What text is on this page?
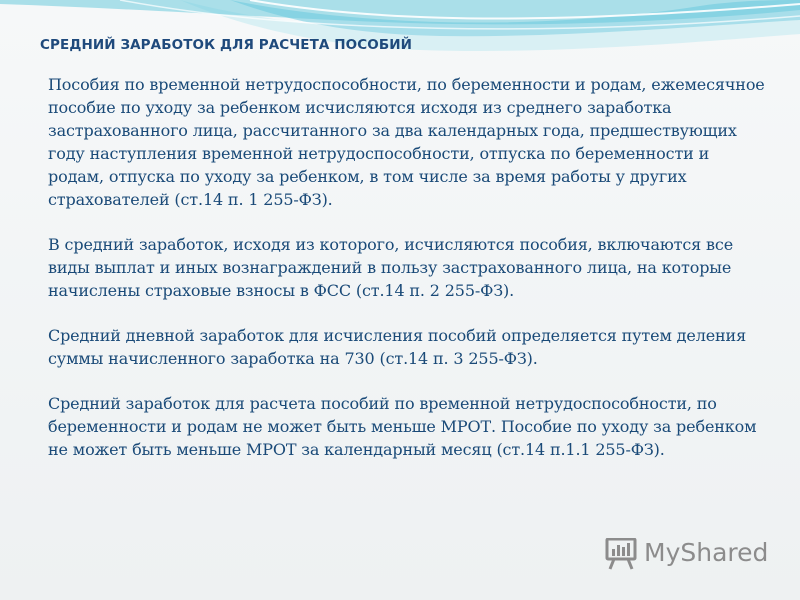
СРЕДНИЙ ЗАРАБОТОК ДЛЯ РАСЧЕТА ПОСОБИЙ

Пособия по временной нетрудоспособности, по беременности и родам, ежемесячное пособие по уходу за ребенком исчисляются исходя из среднего заработка застрахованного лица, рассчитанного за два календарных года, предшествующих году наступления временной нетрудоспособности, отпуска по беременности и родам, отпуска по уходу за ребенком, в том числе за время работы у других страхователей (ст.14 п. 1 255-ФЗ).

В средний заработок, исходя из которого, исчисляются пособия, включаются все виды выплат и иных вознаграждений в пользу застрахованного лица, на которые начислены страховые взносы в ФСС (ст.14 п. 2 255-ФЗ).

Средний дневной заработок для исчисления пособий определяется путем деления суммы начисленного заработка на 730 (ст.14 п. 3 255-ФЗ).

Средний заработок для расчета пособий по временной нетрудоспособности, по беременности и родам не может быть меньше МРОТ. Пособие по уходу за ребенком не может быть меньше МРОТ за календарный месяц (ст.14 п.1.1 255-ФЗ).

MyShared
